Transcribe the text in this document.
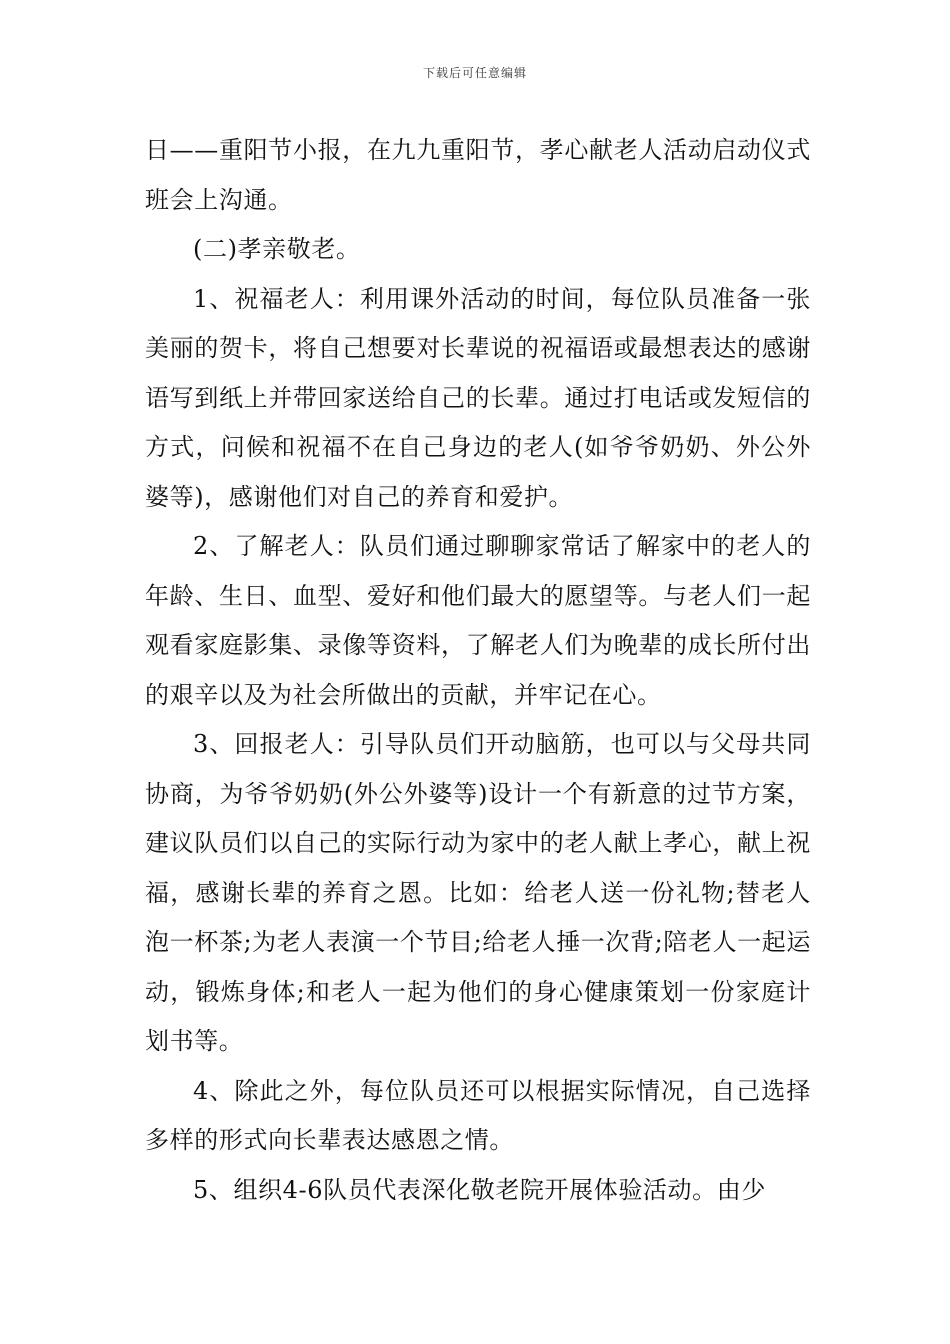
下载后可任意编辑

日——重阳节小报，在九九重阳节，孝心献老人活动启动仪式班会上沟通。

(二)孝亲敬老。

1、祝福老人：利用课外活动的时间，每位队员准备一张美丽的贺卡，将自己想要对长辈说的祝福语或最想表达的感谢语写到纸上并带回家送给自己的长辈。通过打电话或发短信的方式，问候和祝福不在自己身边的老人(如爷爷奶奶、外公外婆等)，感谢他们对自己的养育和爱护。

2、了解老人：队员们通过聊聊家常话了解家中的老人的年龄、生日、血型、爱好和他们最大的愿望等。与老人们一起观看家庭影集、录像等资料，了解老人们为晚辈的成长所付出的艰辛以及为社会所做出的贡献，并牢记在心。

3、回报老人：引导队员们开动脑筋，也可以与父母共同协商，为爷爷奶奶(外公外婆等)设计一个有新意的过节方案，建议队员们以自己的实际行动为家中的老人献上孝心，献上祝福，感谢长辈的养育之恩。比如：给老人送一份礼物;替老人泡一杯茶;为老人表演一个节目;给老人捶一次背;陪老人一起运动，锻炼身体;和老人一起为他们的身心健康策划一份家庭计划书等。

4、除此之外，每位队员还可以根据实际情况，自己选择多样的形式向长辈表达感恩之情。

5、组织4-6队员代表深化敬老院开展体验活动。由少
